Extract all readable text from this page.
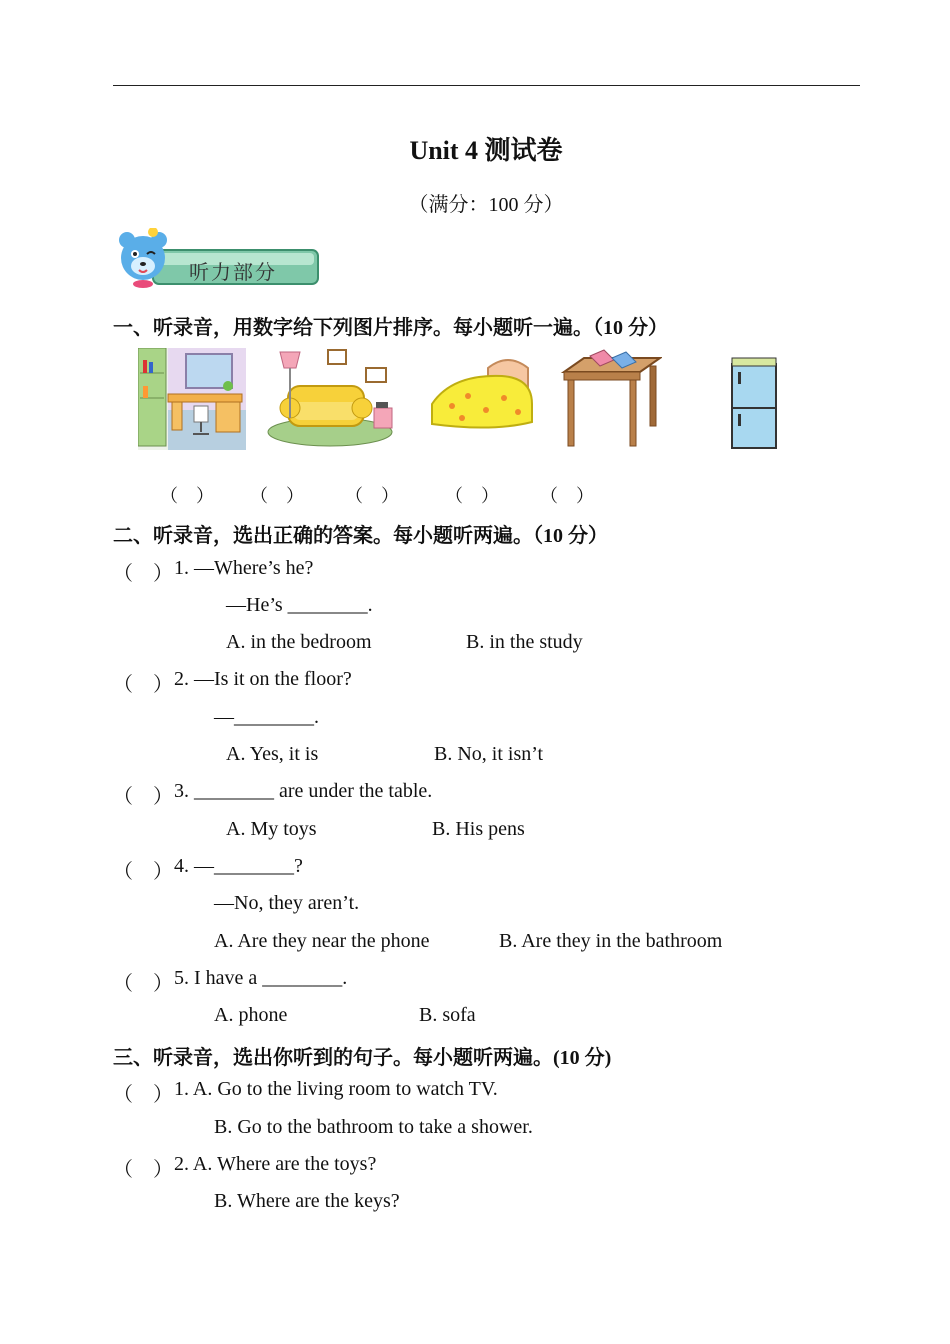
Unit 4 测试卷
（满分：100 分）
听力部分
一、听录音，用数字给下列图片排序。每小题听一遍。（10 分）
（　） （　） （　）	（　） （　）
二、听录音，选出正确的答案。每小题听两遍。（10 分）
（　） 1. —Where’s he?
—He’s ________.
A. in the bedroom	B. in the study
（　） 2. —Is it on the floor?
—________.
A. Yes, it is	B. No, it isn’t
（　） 3. ________ are under the table.
A. My toys	B. His pens
（　） 4. —________?
—No, they aren’t.
A. Are they near the phone	B. Are they in the bathroom
（　） 5. I have a ________.
A. phone	B. sofa
三、听录音，选出你听到的句子。每小题听两遍。(10 分)
（　） 1. A. Go to the living room to watch TV.
B. Go to the bathroom to take a shower.
（　） 2. A. Where are the toys?
B. Where are the keys?
